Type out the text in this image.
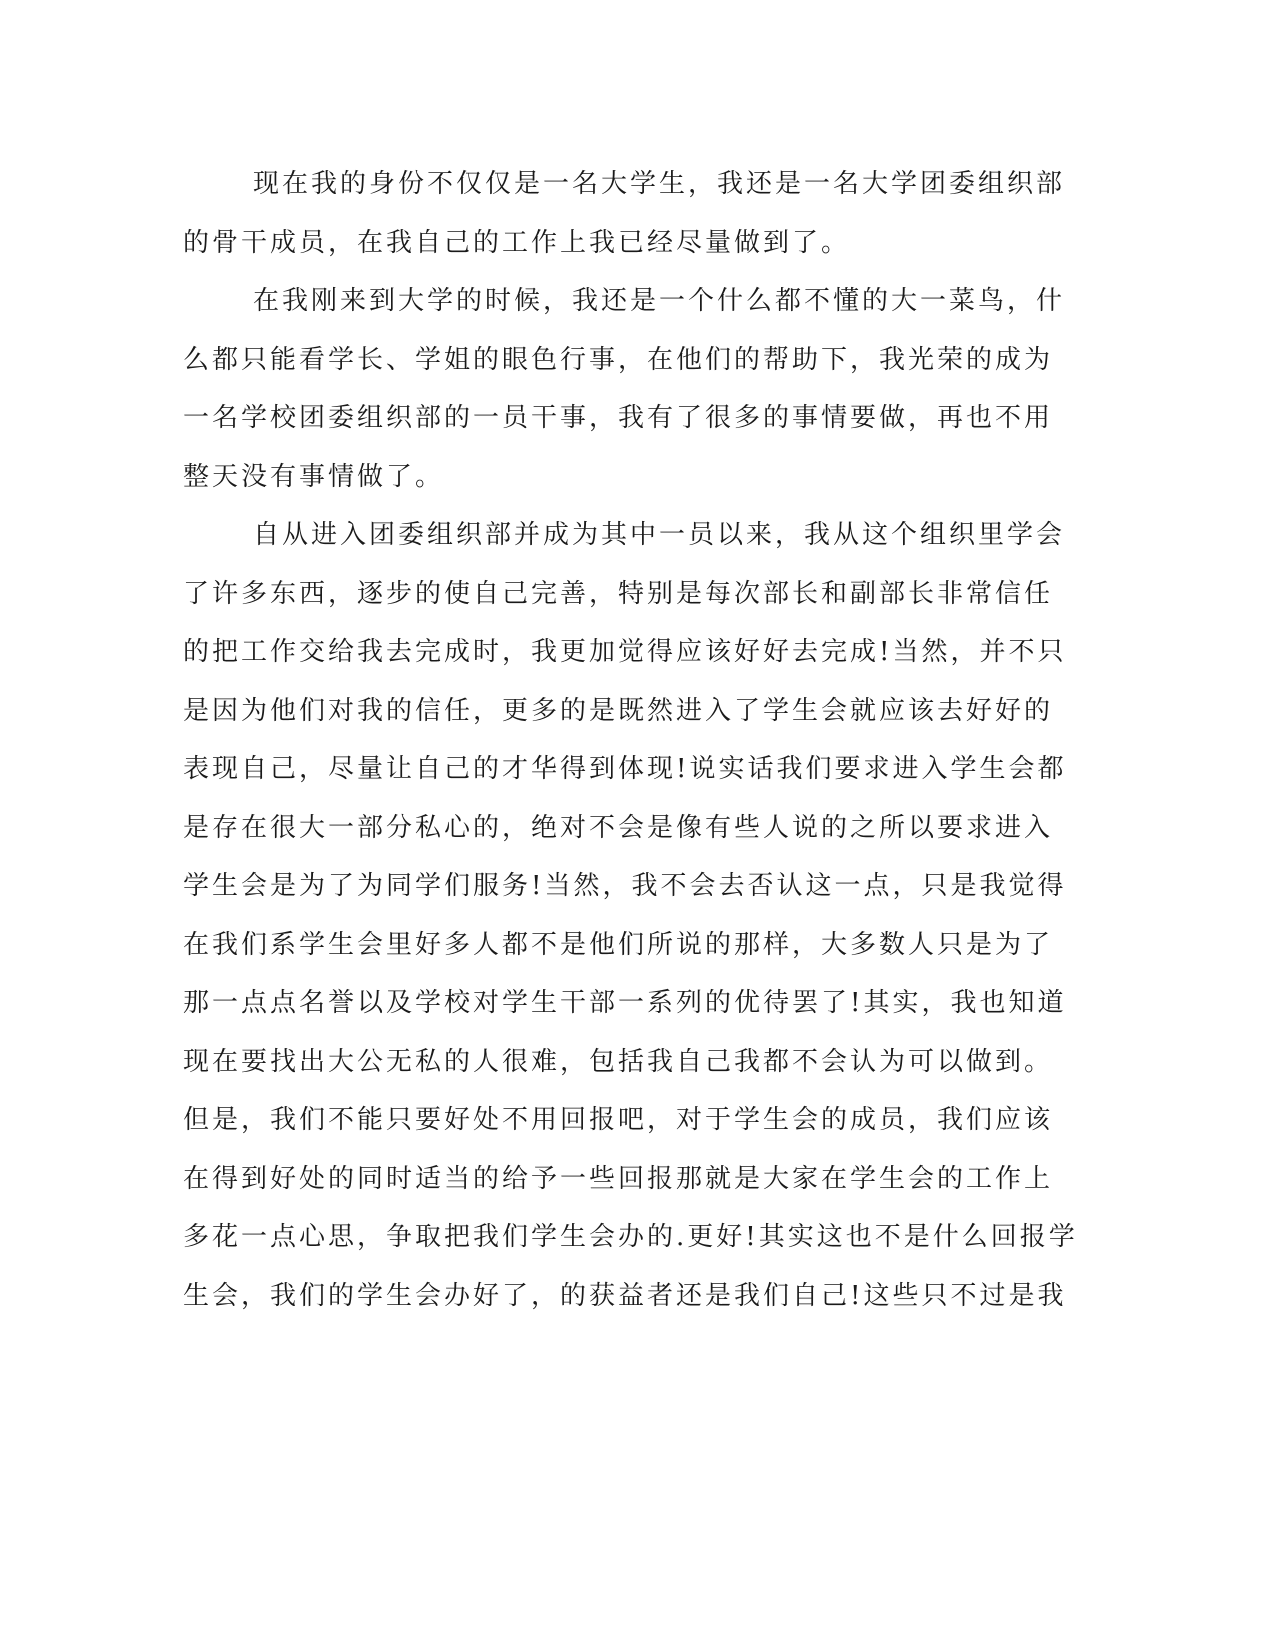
现在我的身份不仅仅是一名大学生，我还是一名大学团委组织部
的骨干成员，在我自己的工作上我已经尽量做到了。
在我刚来到大学的时候，我还是一个什么都不懂的大一菜鸟，什
么都只能看学长、学姐的眼色行事，在他们的帮助下，我光荣的成为
一名学校团委组织部的一员干事，我有了很多的事情要做，再也不用
整天没有事情做了。
自从进入团委组织部并成为其中一员以来，我从这个组织里学会
了许多东西，逐步的使自己完善，特别是每次部长和副部长非常信任
的把工作交给我去完成时，我更加觉得应该好好去完成!当然，并不只
是因为他们对我的信任，更多的是既然进入了学生会就应该去好好的
表现自己，尽量让自己的才华得到体现!说实话我们要求进入学生会都
是存在很大一部分私心的，绝对不会是像有些人说的之所以要求进入
学生会是为了为同学们服务!当然，我不会去否认这一点，只是我觉得
在我们系学生会里好多人都不是他们所说的那样，大多数人只是为了
那一点点名誉以及学校对学生干部一系列的优待罢了!其实，我也知道
现在要找出大公无私的人很难，包括我自己我都不会认为可以做到。
但是，我们不能只要好处不用回报吧，对于学生会的成员，我们应该
在得到好处的同时适当的给予一些回报那就是大家在学生会的工作上
多花一点心思，争取把我们学生会办的.更好!其实这也不是什么回报学
生会，我们的学生会办好了，的获益者还是我们自己!这些只不过是我
